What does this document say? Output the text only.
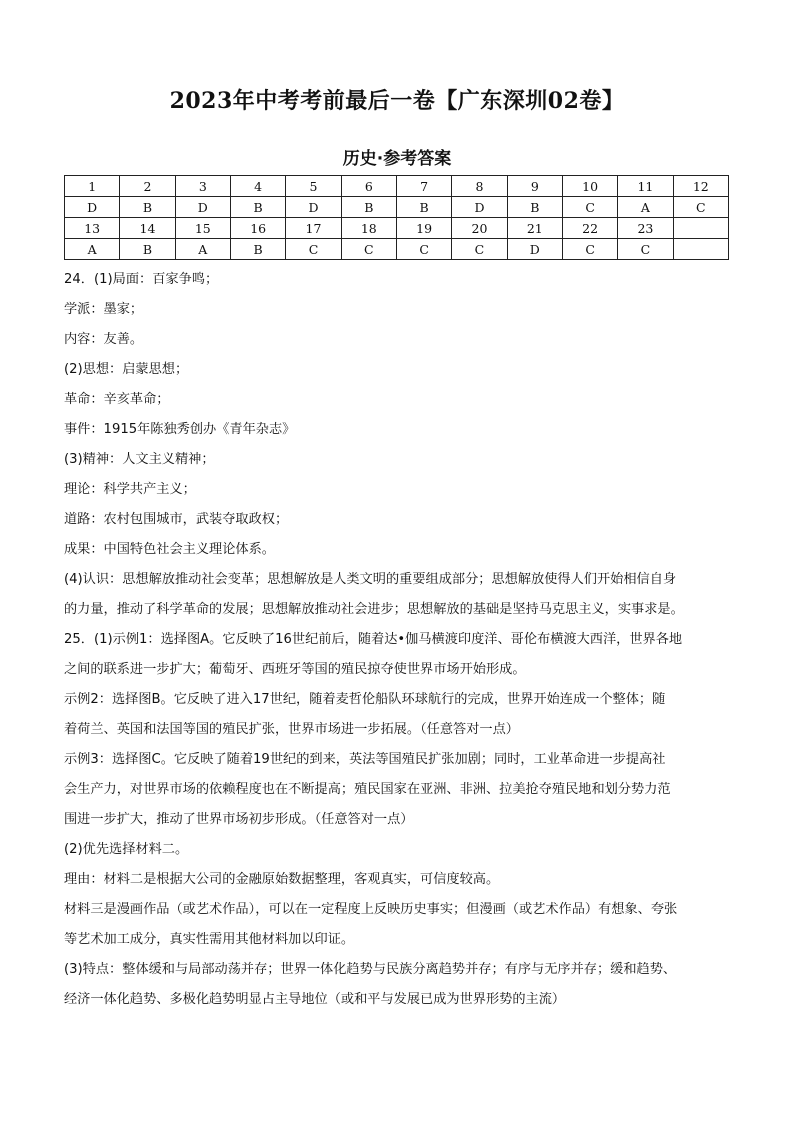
2023年中考考前最后一卷【广东深圳02卷】
历史·参考答案
1	2	3	4	5	6	7	8	9	10	11	12
D	B	D	B	D	B	B	D	B	C	A	C
13	14	15	16	17	18	19	20	21	22	23	
A	B	A	B	C	C	C	C	D	C	C	

24．(1)局面：百家争鸣；

学派：墨家；

内容：友善。

(2)思想：启蒙思想；

革命：辛亥革命；

事件：1915年陈独秀创办《青年杂志》

(3)精神：人文主义精神；

理论：科学共产主义；

道路：农村包围城市，武装夺取政权；

成果：中国特色社会主义理论体系。

(4)认识：思想解放推动社会变革；思想解放是人类文明的重要组成部分；思想解放使得人们开始相信自身

的力量，推动了科学革命的发展；思想解放推动社会进步；思想解放的基础是坚持马克思主义，实事求是。

25．(1)示例1：选择图A。它反映了16世纪前后，随着达•伽马横渡印度洋、哥伦布横渡大西洋，世界各地

之间的联系进一步扩大；葡萄牙、西班牙等国的殖民掠夺使世界市场开始形成。

示例2：选择图B。它反映了进入17世纪，随着麦哲伦船队环球航行的完成，世界开始连成一个整体；随

着荷兰、英国和法国等国的殖民扩张，世界市场进一步拓展。（任意答对一点）

示例3：选择图C。它反映了随着19世纪的到来，英法等国殖民扩张加剧；同时，工业革命进一步提高社

会生产力，对世界市场的依赖程度也在不断提高；殖民国家在亚洲、非洲、拉美抢夺殖民地和划分势力范

围进一步扩大，推动了世界市场初步形成。（任意答对一点）

(2)优先选择材料二。

理由：材料二是根据大公司的金融原始数据整理，客观真实，可信度较高。

材料三是漫画作品（或艺术作品），可以在一定程度上反映历史事实；但漫画（或艺术作品）有想象、夸张

等艺术加工成分，真实性需用其他材料加以印证。

(3)特点：整体缓和与局部动荡并存；世界一体化趋势与民族分离趋势并存；有序与无序并存；缓和趋势、

经济一体化趋势、多极化趋势明显占主导地位（或和平与发展已成为世界形势的主流）
